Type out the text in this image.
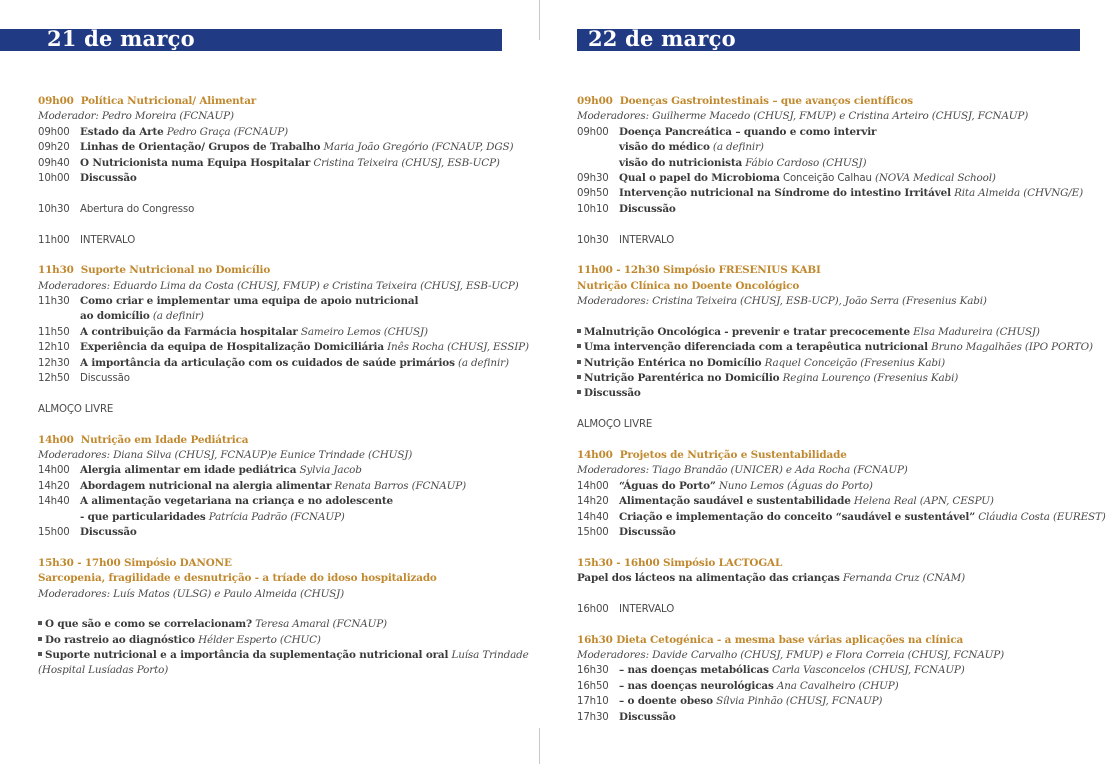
21 de março
09h00 Política Nutricional/ Alimentar
Moderador: Pedro Moreira (FCNAUP)
09h00 Estado da Arte Pedro Graça (FCNAUP)
09h20 Linhas de Orientação/ Grupos de Trabalho Maria João Gregório (FCNAUP, DGS)
09h40 O Nutricionista numa Equipa Hospitalar Cristina Teixeira (CHUSJ, ESB-UCP)
10h00 Discussão
10h30 Abertura do Congresso
11h00 INTERVALO
11h30 Suporte Nutricional no Domicílio
Moderadores: Eduardo Lima da Costa (CHUSJ, FMUP) e Cristina Teixeira (CHUSJ, ESB-UCP)
11h30 Como criar e implementar uma equipa de apoio nutricional
ao domicílio (a definir)
11h50 A contribuição da Farmácia hospitalar Sameiro Lemos (CHUSJ)
12h10 Experiência da equipa de Hospitalização Domiciliária Inês Rocha (CHUSJ, ESSIP)
12h30 A importância da articulação com os cuidados de saúde primários (a definir)
12h50 Discussão
ALMOÇO LIVRE
14h00 Nutrição em Idade Pediátrica
Moderadores: Diana Silva (CHUSJ, FCNAUP)e Eunice Trindade (CHUSJ)
14h00 Alergia alimentar em idade pediátrica Sylvia Jacob
14h20 Abordagem nutricional na alergia alimentar Renata Barros (FCNAUP)
14h40 A alimentação vegetariana na criança e no adolescente
- que particularidades Patrícia Padrão (FCNAUP)
15h00 Discussão
15h30 - 17h00 Simpósio DANONE
Sarcopenia, fragilidade e desnutrição - a tríade do idoso hospitalizado
Moderadores: Luís Matos (ULSG) e Paulo Almeida (CHUSJ)
O que são e como se correlacionam? Teresa Amaral (FCNAUP)
Do rastreio ao diagnóstico Hélder Esperto (CHUC)
Suporte nutricional e a importância da suplementação nutricional oral Luísa Trindade
(Hospital Lusíadas Porto)
22 de março
09h00 Doenças Gastrointestinais – que avanços científicos
Moderadores: Guilherme Macedo (CHUSJ, FMUP) e Cristina Arteiro (CHUSJ, FCNAUP)
09h00 Doença Pancreática – quando e como intervir
visão do médico (a definir)
visão do nutricionista Fábio Cardoso (CHUSJ)
09h30 Qual o papel do Microbioma Conceição Calhau (NOVA Medical School)
09h50 Intervenção nutricional na Síndrome do intestino Irritável Rita Almeida (CHVNG/E)
10h10 Discussão
10h30 INTERVALO
11h00 - 12h30 Simpósio FRESENIUS KABI
Nutrição Clínica no Doente Oncológico
Moderadores: Cristina Teixeira (CHUSJ, ESB-UCP), João Serra (Fresenius Kabi)
Malnutrição Oncológica - prevenir e tratar precocemente Elsa Madureira (CHUSJ)
Uma intervenção diferenciada com a terapêutica nutricional Bruno Magalhães (IPO PORTO)
Nutrição Entérica no Domicílio Raquel Conceição (Fresenius Kabi)
Nutrição Parentérica no Domicílio Regina Lourenço (Fresenius Kabi)
Discussão
ALMOÇO LIVRE
14h00 Projetos de Nutrição e Sustentabilidade
Moderadores: Tiago Brandão (UNICER) e Ada Rocha (FCNAUP)
14h00 “Águas do Porto” Nuno Lemos (Águas do Porto)
14h20 Alimentação saudável e sustentabilidade Helena Real (APN, CESPU)
14h40 Criação e implementação do conceito “saudável e sustentável” Cláudia Costa (EUREST)
15h00 Discussão
15h30 - 16h00 Simpósio LACTOGAL
Papel dos lácteos na alimentação das crianças Fernanda Cruz (CNAM)
16h00 INTERVALO
16h30 Dieta Cetogénica - a mesma base várias aplicações na clínica
Moderadores: Davide Carvalho (CHUSJ, FMUP) e Flora Correia (CHUSJ, FCNAUP)
16h30 – nas doenças metabólicas Carla Vasconcelos (CHUSJ, FCNAUP)
16h50 – nas doenças neurológicas Ana Cavalheiro (CHUP)
17h10 – o doente obeso Sílvia Pinhão (CHUSJ, FCNAUP)
17h30 Discussão
